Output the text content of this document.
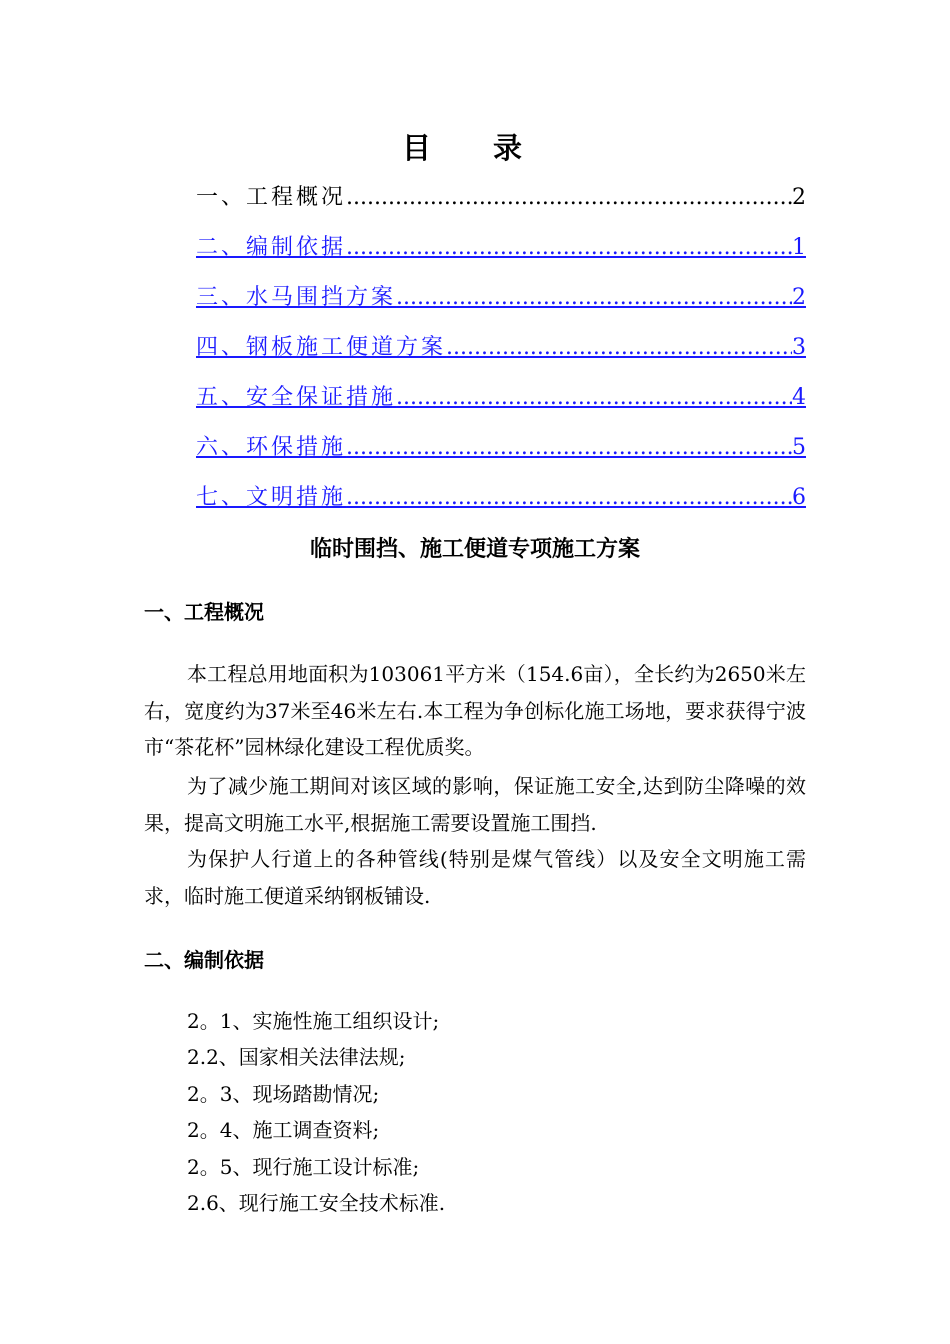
目 录
一、工程概况 .....	2
二、编制依据 .....	1
三、水马围挡方案 .....	2
四、钢板施工便道方案 .....	3
五、安全保证措施 .....	4
六、环保措施 .....	5
七、文明措施 .....	6
临时围挡、施工便道专项施工方案
一、工程概况
本工程总用地面积为103061平方米（154.6亩），全长约为2650米左右，宽度约为37米至46米左右.本工程为争创标化施工场地，要求获得宁波市“茶花杯”园林绿化建设工程优质奖。
为了减少施工期间对该区域的影响，保证施工安全,达到防尘降噪的效果，提高文明施工水平,根据施工需要设置施工围挡.
为保护人行道上的各种管线(特别是煤气管线）以及安全文明施工需求，临时施工便道采纳钢板铺设.
二、编制依据
2。1、实施性施工组织设计;
2.2、国家相关法律法规;
2。3、现场踏勘情况;
2。4、施工调查资料;
2。5、现行施工设计标准;
2.6、现行施工安全技术标准.
